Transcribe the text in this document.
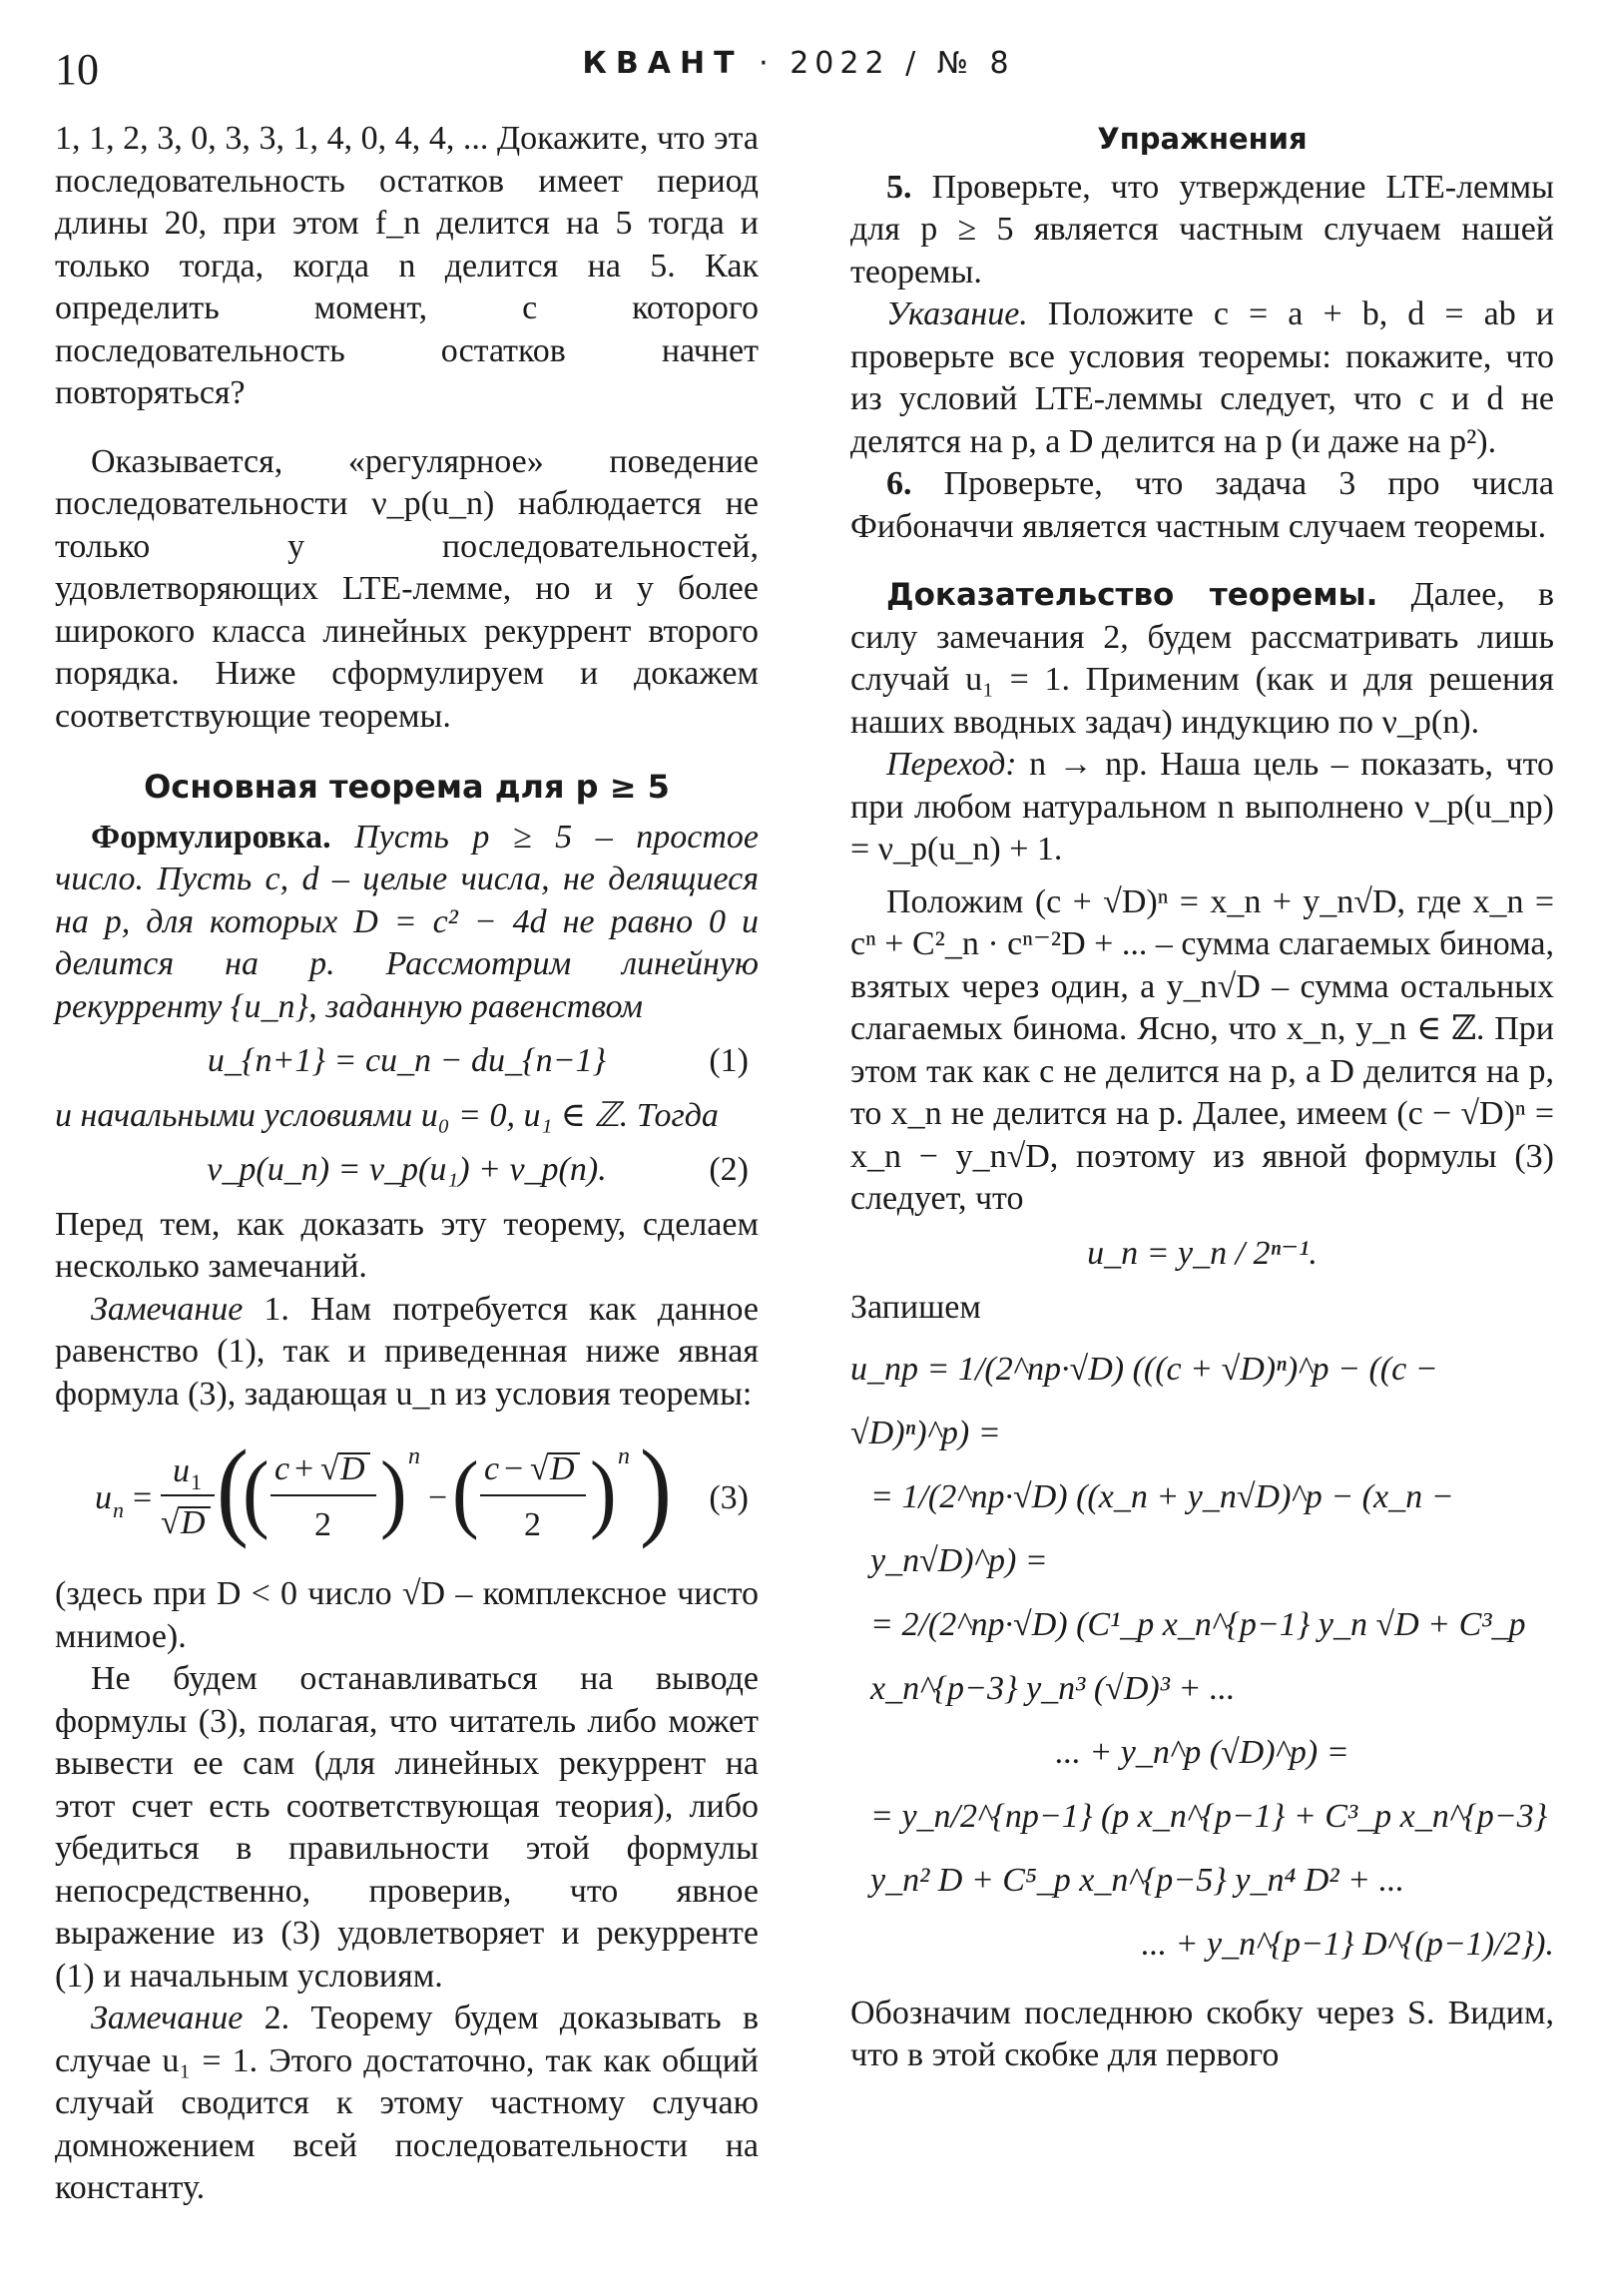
10	КВАНТ · 2022 / № 8

1, 1, 2, 3, 0, 3, 3, 1, 4, 0, 4, 4, ... Докажите, что эта последовательность остатков имеет период длины 20, при этом f_n делится на 5 тогда и только тогда, когда n делится на 5. Как определить момент, с которого последовательность остатков начнет повторяться?

Оказывается, «регулярное» поведение последовательности ν_p(u_n) наблюдается не только у последовательностей, удовлетворяющих LTE-лемме, но и у более широкого класса линейных рекуррент второго порядка. Ниже сформулируем и докажем соответствующие теоремы.

Основная теорема для p ≥ 5

Формулировка. Пусть p ≥ 5 – простое число. Пусть c, d – целые числа, не делящиеся на p, для которых D = c² − 4d не равно 0 и делится на p. Рассмотрим линейную рекурренту {u_n}, заданную равенством

u_{n+1} = cu_n − du_{n−1}	(1)

и начальными условиями u₀ = 0, u₁ ∈ ℤ. Тогда

ν_p(u_n) = ν_p(u₁) + ν_p(n).	(2)

Перед тем, как доказать эту теорему, сделаем несколько замечаний.

Замечание 1. Нам потребуется как данное равенство (1), так и приведенная ниже явная формула (3), задающая u_n из условия теоремы:

u n =
u 1
√ D (
( c + √ D
2 ) n
− ( c − √ D
2 ) n ) (3)

(здесь при D < 0 число √D – комплексное чисто мнимое).

Не будем останавливаться на выводе формулы (3), полагая, что читатель либо может вывести ее сам (для линейных рекуррент на этот счет есть соответствующая теория), либо убедиться в правильности этой формулы непосредственно, проверив, что явное выражение из (3) удовлетворяет и рекурренте (1) и начальным условиям.

Замечание 2. Теорему будем доказывать в случае u₁ = 1. Этого достаточно, так как общий случай сводится к этому частному случаю домножением всей последовательности на константу.

Упражнения

5. Проверьте, что утверждение LTE-леммы для p ≥ 5 является частным случаем нашей теоремы.

Указание. Положите c = a + b, d = ab и проверьте все условия теоремы: покажите, что из условий LTE-леммы следует, что c и d не делятся на p, а D делится на p (и даже на p²).

6. Проверьте, что задача 3 про числа Фибоначчи является частным случаем теоремы.

Доказательство теоремы. Далее, в силу замечания 2, будем рассматривать лишь случай u₁ = 1. Применим (как и для решения наших вводных задач) индукцию по ν_p(n).

Переход: n → np. Наша цель – показать, что при любом натуральном n выполнено ν_p(u_np) = ν_p(u_n) + 1.

Положим (c + √D)ⁿ = x_n + y_n√D, где x_n = cⁿ + C²_n · cⁿ⁻²D + ... – сумма слагаемых бинома, взятых через один, а y_n√D – сумма остальных слагаемых бинома. Ясно, что x_n, y_n ∈ ℤ. При этом так как c не делится на p, а D делится на p, то x_n не делится на p. Далее, имеем (c − √D)ⁿ = x_n − y_n√D, поэтому из явной формулы (3) следует, что

u_n = y_n / 2ⁿ⁻¹.

Запишем

u_np = 1/(2^np·√D) (((c + √D)ⁿ)^p − ((c − √D)ⁿ)^p) =
= 1/(2^np·√D) ((x_n + y_n√D)^p − (x_n − y_n√D)^p) =
= 2/(2^np·√D) (C¹_p x_n^{p−1} y_n √D + C³_p x_n^{p−3} y_n³ (√D)³ + ...
... + y_n^p (√D)^p) =
= y_n/2^{np−1} (p x_n^{p−1} + C³_p x_n^{p−3} y_n² D + C⁵_p x_n^{p−5} y_n⁴ D² + ...
... + y_n^{p−1} D^{(p−1)/2}).

Обозначим последнюю скобку через S. Видим, что в этой скобке для первого
